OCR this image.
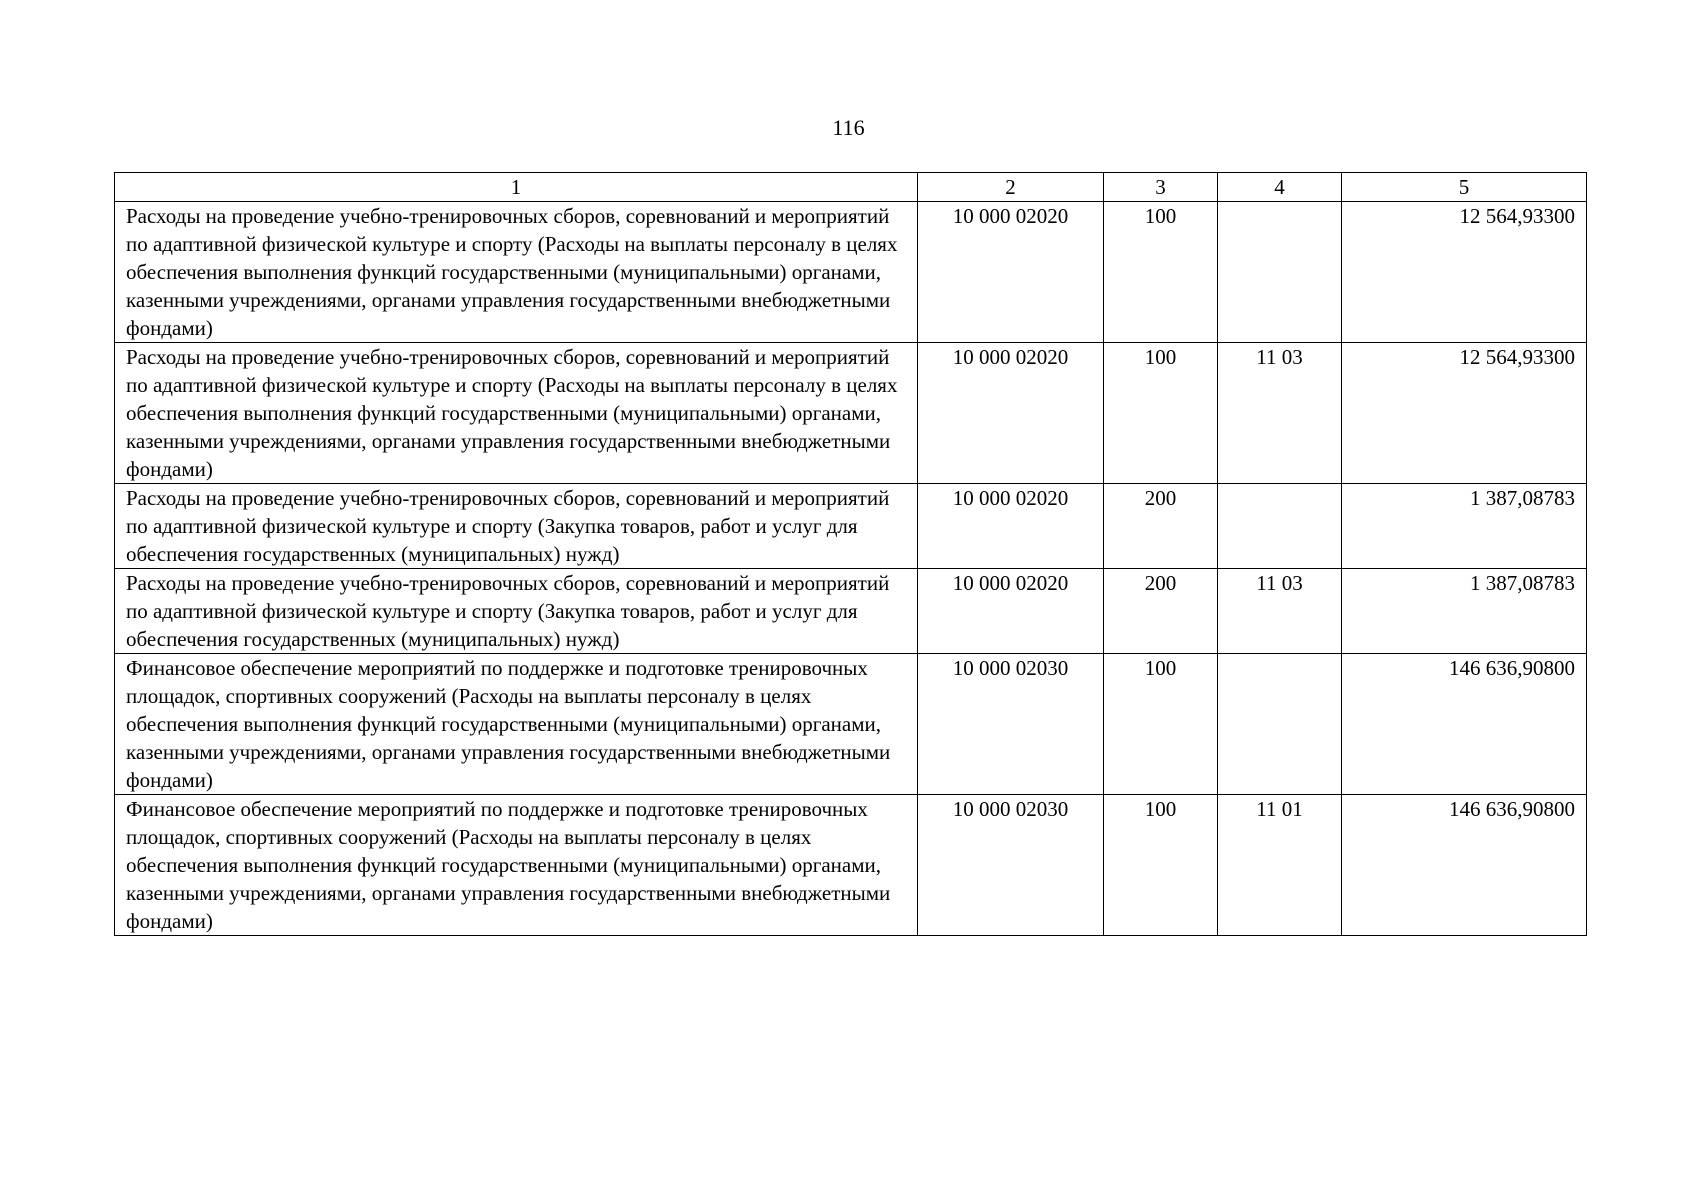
116
1	2	3	4	5
Расходы на проведение учебно-тренировочных сборов, соревнований и мероприятий по адаптивной физической культуре и спорту (Расходы на выплаты персоналу в целях обеспечения выполнения функций государственными (муниципальными) органами, казенными учреждениями, органами управления государственными внебюджетными фондами)	10 000 02020	100		12 564,93300
Расходы на проведение учебно-тренировочных сборов, соревнований и мероприятий по адаптивной физической культуре и спорту (Расходы на выплаты персоналу в целях обеспечения выполнения функций государственными (муниципальными) органами, казенными учреждениями, органами управления государственными внебюджетными фондами)	10 000 02020	100	11 03	12 564,93300
Расходы на проведение учебно-тренировочных сборов, соревнований и мероприятий по адаптивной физической культуре и спорту (Закупка товаров, работ и услуг для обеспечения государственных (муниципальных) нужд)	10 000 02020	200		1 387,08783
Расходы на проведение учебно-тренировочных сборов, соревнований и мероприятий по адаптивной физической культуре и спорту (Закупка товаров, работ и услуг для обеспечения государственных (муниципальных) нужд)	10 000 02020	200	11 03	1 387,08783
Финансовое обеспечение мероприятий по поддержке и подготовке тренировочных площадок, спортивных сооружений (Расходы на выплаты персоналу в целях обеспечения выполнения функций государственными (муниципальными) органами, казенными учреждениями, органами управления государственными внебюджетными фондами)	10 000 02030	100		146 636,90800
Финансовое обеспечение мероприятий по поддержке и подготовке тренировочных площадок, спортивных сооружений (Расходы на выплаты персоналу в целях обеспечения выполнения функций государственными (муниципальными) органами, казенными учреждениями, органами управления государственными внебюджетными фондами)	10 000 02030	100	11 01	146 636,90800
